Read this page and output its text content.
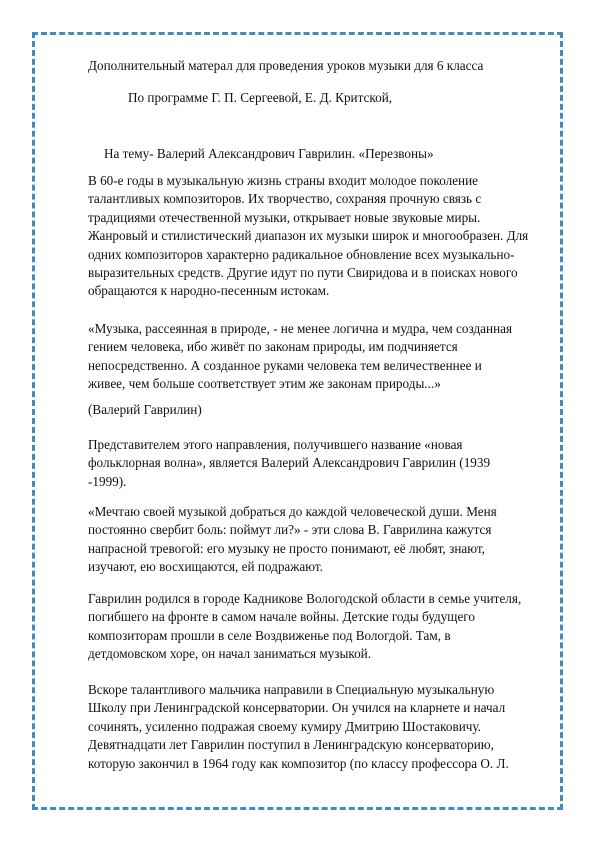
Дополнительный матерал для проведения уроков музыки для 6 класса
По программе Г. П. Сергеевой, Е. Д. Критской,
На тему- Валерий Александрович Гаврилин. «Перезвоны»
В 60-е годы в музыкальную жизнь страны входит молодое поколение
талантливых композиторов. Их творчество, сохраняя прочную связь с
традициями отечественной музыки, открывает новые звуковые миры.
Жанровый и стилистический диапазон их музыки широк и многообразен. Для
одних композиторов характерно радикальное обновление всех музыкально-
выразительных средств. Другие идут по пути Свиридова и в поисках нового
обращаются к народно-песенным истокам.
«Музыка, рассеянная в природе, - не менее логична и мудра, чем созданная
гением человека, ибо живёт по законам природы, им подчиняется
непосредственно. А созданное руками человека тем величественнее и
живее, чем больше соответствует этим же законам природы...»
(Валерий Гаврилин)
Представителем этого направления, получившего название «новая
фольклорная волна», является Валерий Александрович Гаврилин (1939
-1999).
«Мечтаю своей музыкой добраться до каждой человеческой души. Меня
постоянно свербит боль: поймут ли?» - эти слова В. Гаврилина кажутся
напрасной тревогой: его музыку не просто понимают, её любят, знают,
изучают, ею восхищаются, ей подражают.
Гаврилин родился в городе Кадникове Вологодской области в семье учителя,
погибшего на фронте в самом начале войны. Детские годы будущего
композиторам прошли в селе Воздвиженье под Вологдой. Там, в
детдомовском хоре, он начал заниматься музыкой.
Вскоре талантливого мальчика направили в Специальную музыкальную
Школу при Ленинградской консерватории. Он учился на кларнете и начал
сочинять, усиленно подражая своему кумиру Дмитрию Шостаковичу.
Девятнадцати лет Гаврилин поступил в Ленинградскую консерваторию,
которую закончил в 1964 году как композитор (по классу профессора О. Л.
